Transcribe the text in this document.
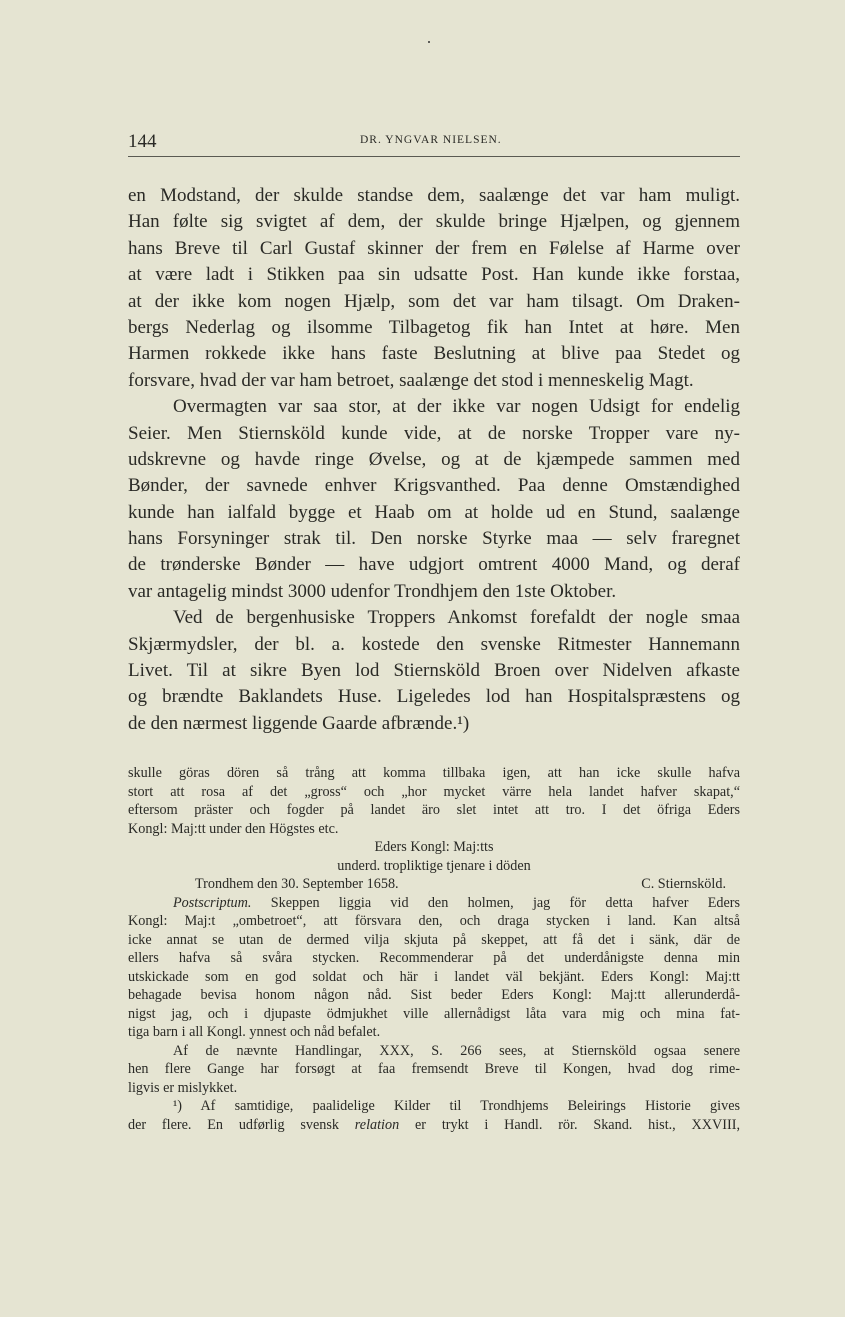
144	DR. YNGVAR NIELSEN.
en Modstand, der skulde standse dem, saalænge det var ham muligt.
Han følte sig svigtet af dem, der skulde bringe Hjælpen, og gjennem
hans Breve til Carl Gustaf skinner der frem en Følelse af Harme over
at være ladt i Stikken paa sin udsatte Post. Han kunde ikke forstaa,
at der ikke kom nogen Hjælp, som det var ham tilsagt. Om Draken-
bergs Nederlag og ilsomme Tilbagetog fik han Intet at høre. Men
Harmen rokkede ikke hans faste Beslutning at blive paa Stedet og
forsvare, hvad der var ham betroet, saalænge det stod i menneskelig Magt.
Overmagten var saa stor, at der ikke var nogen Udsigt for endelig
Seier. Men Stiernsköld kunde vide, at de norske Tropper vare ny-
udskrevne og havde ringe Øvelse, og at de kjæmpede sammen med
Bønder, der savnede enhver Krigsvanthed. Paa denne Omstændighed
kunde han ialfald bygge et Haab om at holde ud en Stund, saalænge
hans Forsyninger strak til. Den norske Styrke maa — selv fraregnet
de trønderske Bønder — have udgjort omtrent 4000 Mand, og deraf
var antagelig mindst 3000 udenfor Trondhjem den 1ste Oktober.
Ved de bergenhusiske Troppers Ankomst forefaldt der nogle smaa
Skjærmydsler, der bl. a. kostede den svenske Ritmester Hannemann
Livet. Til at sikre Byen lod Stiernsköld Broen over Nidelven afkaste
og brændte Baklandets Huse. Ligeledes lod han Hospitalspræstens og
de den nærmest liggende Gaarde afbrænde.¹)
skulle göras dören så trång att komma tillbaka igen, att han icke skulle hafva
stort att rosa af det „gross“ och „hor mycket värre hela landet hafver skapat,“
eftersom präster och fogder på landet äro slet intet att tro. I det öfriga Eders
Kongl: Maj:tt under den Högstes etc.
Eders Kongl: Maj:tts
underd. tropliktige tjenare i döden
Trondhem den 30. September 1658.	C. Stiernsköld.
Postscriptum. Skeppen liggia vid den holmen, jag för detta hafver Eders
Kongl: Maj:t „ombetroet“, att försvara den, och draga stycken i land. Kan altså
icke annat se utan de dermed vilja skjuta på skeppet, att få det i sänk, där de
ellers hafva så svåra stycken. Recommenderar på det underdånigste denna min
utskickade som en god soldat och här i landet väl bekjänt. Eders Kongl: Maj:tt
behagade bevisa honom någon nåd. Sist beder Eders Kongl: Maj:tt allerunderdå-
nigst jag, och i djupaste ödmjukhet ville allernådigst låta vara mig och mina fat-
tiga barn i all Kongl. ynnest och nåd befalet.
Af de nævnte Handlingar, XXX, S. 266 sees, at Stiernsköld ogsaa senere
hen flere Gange har forsøgt at faa fremsendt Breve til Kongen, hvad dog rime-
ligvis er mislykket.
¹) Af samtidige, paalidelige Kilder til Trondhjems Beleirings Historie gives
der flere. En udførlig svensk relation er trykt i Handl. rör. Skand. hist., XXVIII,
